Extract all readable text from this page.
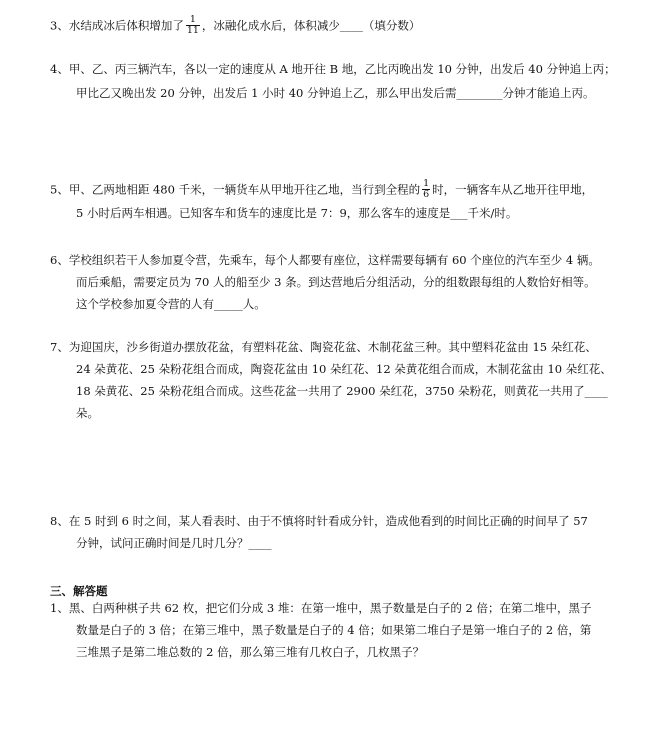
3、水结成冰后体积增加了 $\frac{1}{11}$ ，冰融化成水后，体积减少____（填分数）
4、甲、乙、丙三辆汽车，各以一定的速度从 A 地开往 B 地，乙比丙晚出发 10 分钟，出发后 40 分钟追上丙；
甲比乙又晚出发 20 分钟，出发后 1 小时 40 分钟追上乙，那么甲出发后需________分钟才能追上丙。
5、甲、乙两地相距 480 千米，一辆货车从甲地开往乙地，当行到全程的 $\frac{1}{6}$ 时，一辆客车从乙地开往甲地，
5 小时后两车相遇。已知客车和货车的速度比是 7：9，那么客车的速度是___千米/时。
6、学校组织若干人参加夏令营，先乘车，每个人都要有座位，这样需要每辆有 60 个座位的汽车至少 4 辆。
而后乘船，需要定员为 70 人的船至少 3 条。到达营地后分组活动，分的组数跟每组的人数恰好相等。
这个学校参加夏令营的人有_____人。
7、为迎国庆，沙乡街道办摆放花盆，有塑料花盆、陶瓷花盆、木制花盆三种。其中塑料花盆由 15 朵红花、
24 朵黄花、25 朵粉花组合而成，陶瓷花盆由 10 朵红花、12 朵黄花组合而成，木制花盆由 10 朵红花、
18 朵黄花、25 朵粉花组合而成。这些花盆一共用了 2900 朵红花，3750 朵粉花，则黄花一共用了____
朵。
8、在 5 时到 6 时之间，某人看表时、由于不慎将时针看成分针，造成他看到的时间比正确的时间早了 57
分钟，试问正确时间是几时几分？____
三、解答题
1、黑、白两种棋子共 62 枚，把它们分成 3 堆：在第一堆中，黑子数量是白子的 2 倍；在第二堆中，黑子
数量是白子的 3 倍；在第三堆中，黑子数量是白子的 4 倍；如果第二堆白子是第一堆白子的 2 倍，第
三堆黑子是第二堆总数的 2 倍，那么第三堆有几枚白子，几枚黑子？
